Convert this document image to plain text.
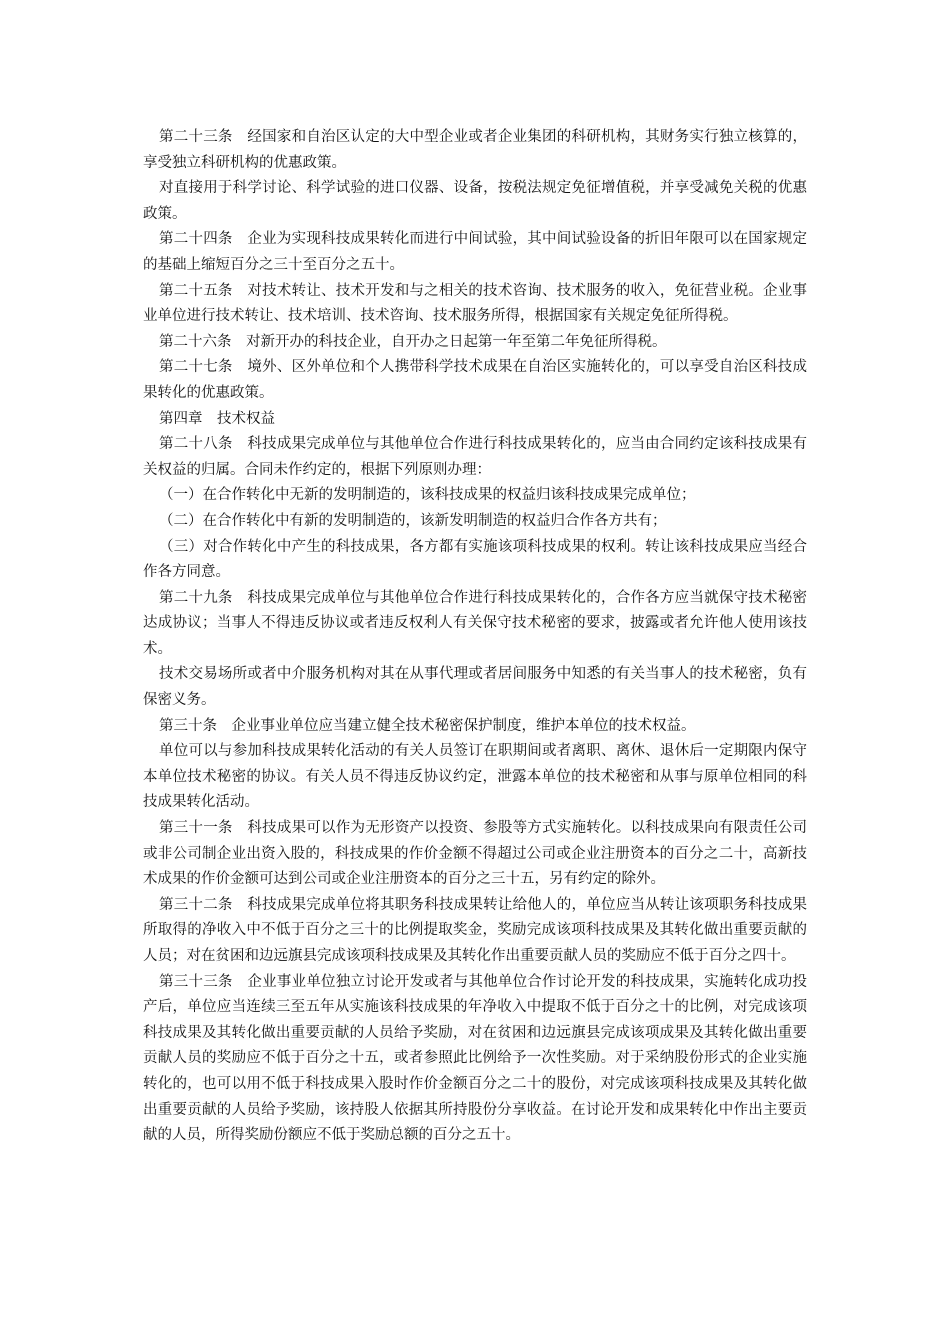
第二十三条　经国家和自治区认定的大中型企业或者企业集团的科研机构，其财务实行独立核算的，享受独立科研机构的优惠政策。

对直接用于科学讨论、科学试验的进口仪器、设备，按税法规定免征增值税，并享受减免关税的优惠政策。

第二十四条　企业为实现科技成果转化而进行中间试验，其中间试验设备的折旧年限可以在国家规定的基础上缩短百分之三十至百分之五十。

第二十五条　对技术转让、技术开发和与之相关的技术咨询、技术服务的收入，免征营业税。企业事业单位进行技术转让、技术培训、技术咨询、技术服务所得，根据国家有关规定免征所得税。

第二十六条　对新开办的科技企业，自开办之日起第一年至第二年免征所得税。

第二十七条　境外、区外单位和个人携带科学技术成果在自治区实施转化的，可以享受自治区科技成果转化的优惠政策。

第四章　技术权益

第二十八条　科技成果完成单位与其他单位合作进行科技成果转化的，应当由合同约定该科技成果有关权益的归属。合同未作约定的，根据下列原则办理：

（一）在合作转化中无新的发明制造的，该科技成果的权益归该科技成果完成单位；

（二）在合作转化中有新的发明制造的，该新发明制造的权益归合作各方共有；

（三）对合作转化中产生的科技成果，各方都有实施该项科技成果的权利。转让该科技成果应当经合作各方同意。

第二十九条　科技成果完成单位与其他单位合作进行科技成果转化的，合作各方应当就保守技术秘密达成协议；当事人不得违反协议或者违反权利人有关保守技术秘密的要求，披露或者允许他人使用该技术。

技术交易场所或者中介服务机构对其在从事代理或者居间服务中知悉的有关当事人的技术秘密，负有保密义务。

第三十条　企业事业单位应当建立健全技术秘密保护制度，维护本单位的技术权益。

单位可以与参加科技成果转化活动的有关人员签订在职期间或者离职、离休、退休后一定期限内保守本单位技术秘密的协议。有关人员不得违反协议约定，泄露本单位的技术秘密和从事与原单位相同的科技成果转化活动。

第三十一条　科技成果可以作为无形资产以投资、参股等方式实施转化。以科技成果向有限责任公司或非公司制企业出资入股的，科技成果的作价金额不得超过公司或企业注册资本的百分之二十，高新技术成果的作价金额可达到公司或企业注册资本的百分之三十五，另有约定的除外。

第三十二条　科技成果完成单位将其职务科技成果转让给他人的，单位应当从转让该项职务科技成果所取得的净收入中不低于百分之三十的比例提取奖金，奖励完成该项科技成果及其转化做出重要贡献的人员；对在贫困和边远旗县完成该项科技成果及其转化作出重要贡献人员的奖励应不低于百分之四十。

第三十三条　企业事业单位独立讨论开发或者与其他单位合作讨论开发的科技成果，实施转化成功投产后，单位应当连续三至五年从实施该科技成果的年净收入中提取不低于百分之十的比例，对完成该项科技成果及其转化做出重要贡献的人员给予奖励，对在贫困和边远旗县完成该项成果及其转化做出重要贡献人员的奖励应不低于百分之十五，或者参照此比例给予一次性奖励。对于采纳股份形式的企业实施转化的，也可以用不低于科技成果入股时作价金额百分之二十的股份，对完成该项科技成果及其转化做出重要贡献的人员给予奖励，该持股人依据其所持股份分享收益。在讨论开发和成果转化中作出主要贡献的人员，所得奖励份额应不低于奖励总额的百分之五十。
